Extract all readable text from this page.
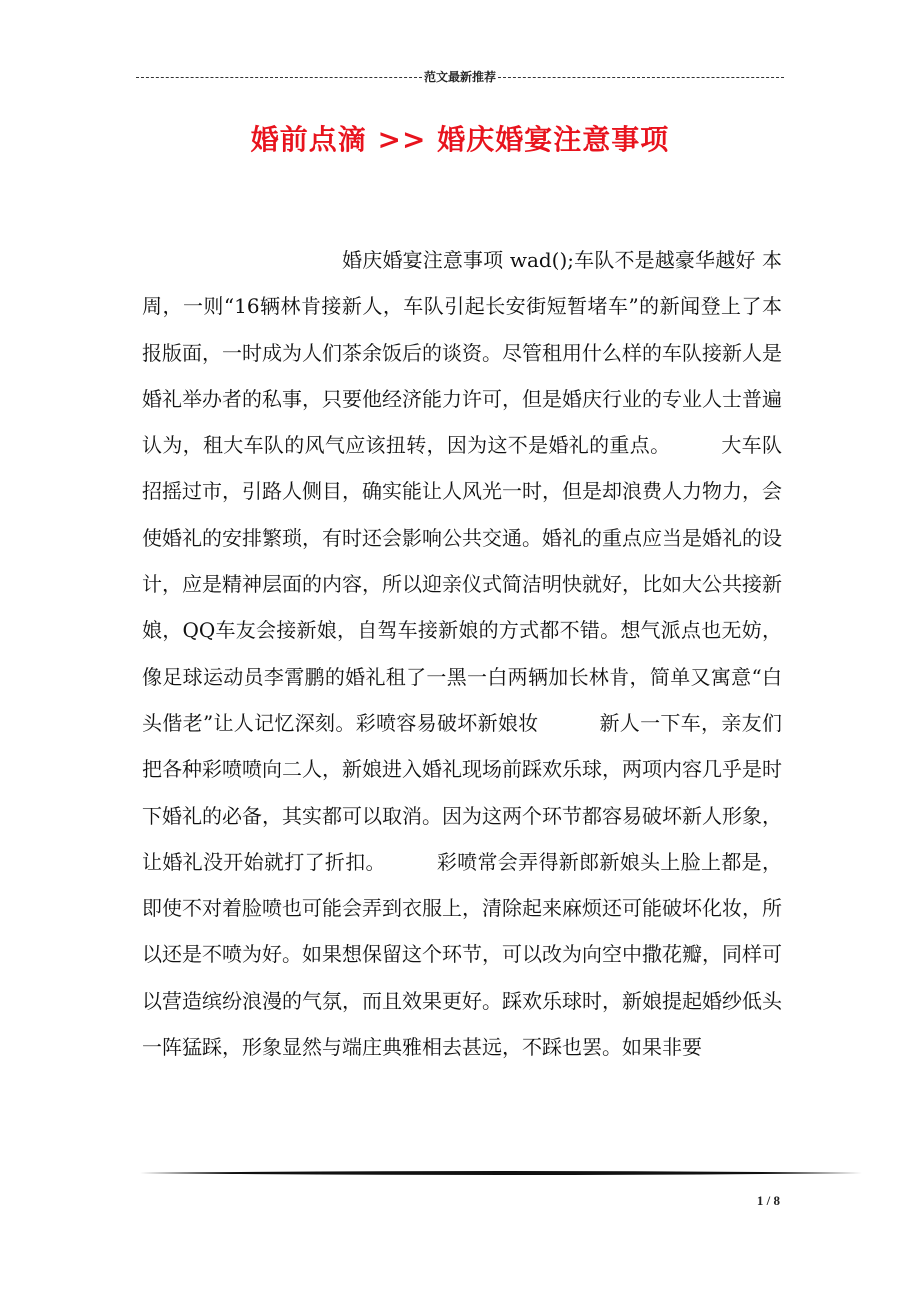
范文最新推荐
婚前点滴 >> 婚庆婚宴注意事项
婚庆婚宴注意事项 wad();车队不是越豪华越好 本周，一则“16辆林肯接新人，车队引起长安街短暂堵车”的新闻登上了本报版面，一时成为人们茶余饭后的谈资。尽管租用什么样的车队接新人是婚礼举办者的私事，只要他经济能力许可，但是婚庆行业的专业人士普遍认为，租大车队的风气应该扭转，因为这不是婚礼的重点。　　　大车队招摇过市，引路人侧目，确实能让人风光一时，但是却浪费人力物力，会使婚礼的安排繁琐，有时还会影响公共交通。婚礼的重点应当是婚礼的设计，应是精神层面的内容，所以迎亲仪式简洁明快就好，比如大公共接新娘，QQ车友会接新娘，自驾车接新娘的方式都不错。想气派点也无妨，像足球运动员李霄鹏的婚礼租了一黑一白两辆加长林肯，简单又寓意“白头偕老”让人记忆深刻。彩喷容易破坏新娘妆　　　新人一下车，亲友们把各种彩喷喷向二人，新娘进入婚礼现场前踩欢乐球，两项内容几乎是时下婚礼的必备，其实都可以取消。因为这两个环节都容易破坏新人形象，让婚礼没开始就打了折扣。　　　彩喷常会弄得新郎新娘头上脸上都是，即使不对着脸喷也可能会弄到衣服上，清除起来麻烦还可能破坏化妆，所以还是不喷为好。如果想保留这个环节，可以改为向空中撒花瓣，同样可以营造缤纷浪漫的气氛，而且效果更好。踩欢乐球时，新娘提起婚纱低头一阵猛踩，形象显然与端庄典雅相去甚远，不踩也罢。如果非要
1 / 8
